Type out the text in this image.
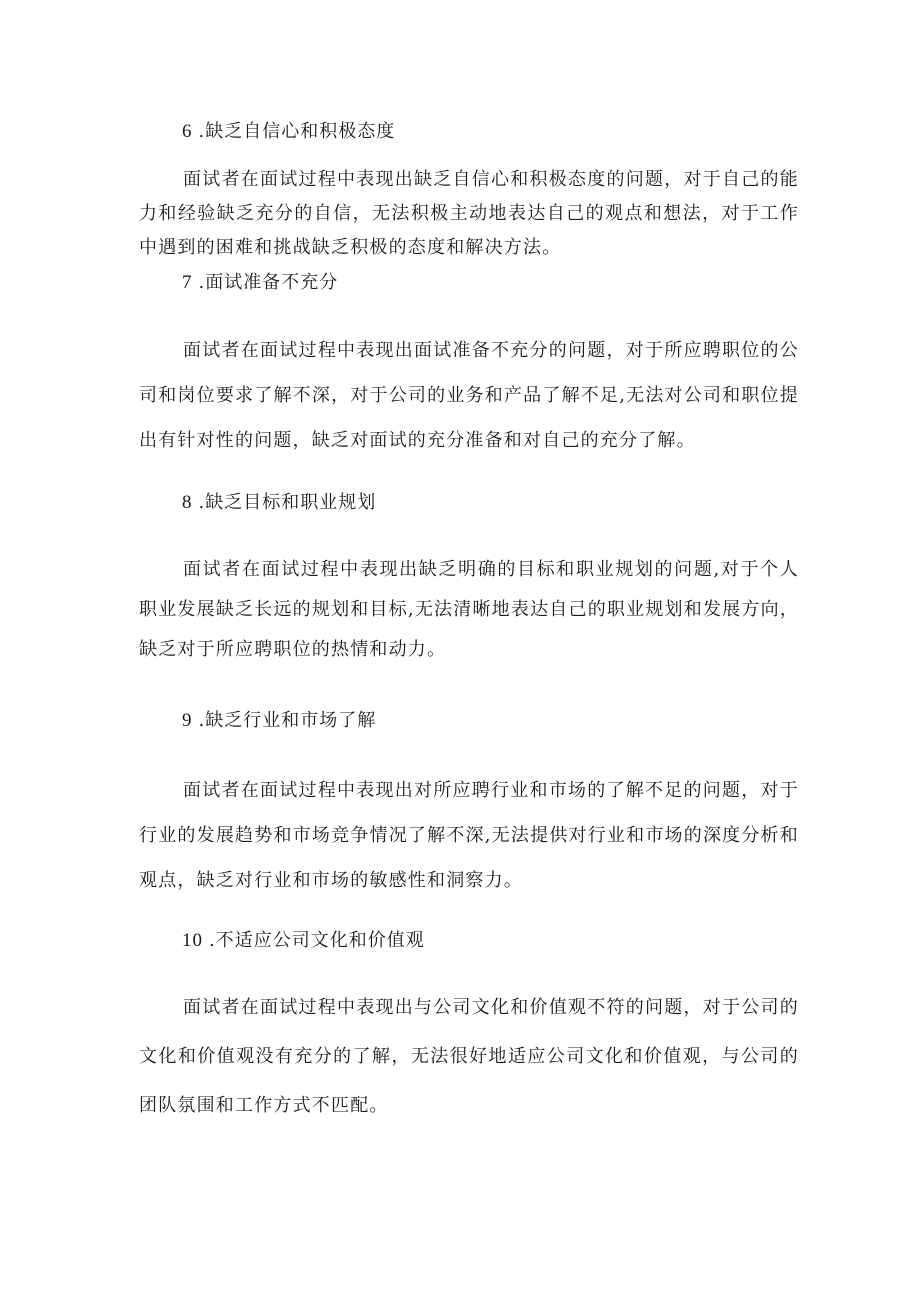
6 .缺乏自信心和积极态度
面试者在面试过程中表现出缺乏自信心和积极态度的问题，对于自己的能力和经验缺乏充分的自信，无法积极主动地表达自己的观点和想法，对于工作中遇到的困难和挑战缺乏积极的态度和解决方法。
7 .面试准备不充分
面试者在面试过程中表现出面试准备不充分的问题，对于所应聘职位的公司和岗位要求了解不深，对于公司的业务和产品了解不足,无法对公司和职位提出有针对性的问题，缺乏对面试的充分准备和对自己的充分了解。
8 .缺乏目标和职业规划
面试者在面试过程中表现出缺乏明确的目标和职业规划的问题,对于个人职业发展缺乏长远的规划和目标,无法清晰地表达自己的职业规划和发展方向，缺乏对于所应聘职位的热情和动力。
9 .缺乏行业和市场了解
面试者在面试过程中表现出对所应聘行业和市场的了解不足的问题，对于行业的发展趋势和市场竞争情况了解不深,无法提供对行业和市场的深度分析和观点，缺乏对行业和市场的敏感性和洞察力。
10 .不适应公司文化和价值观
面试者在面试过程中表现出与公司文化和价值观不符的问题，对于公司的文化和价值观没有充分的了解，无法很好地适应公司文化和价值观，与公司的团队氛围和工作方式不匹配。
